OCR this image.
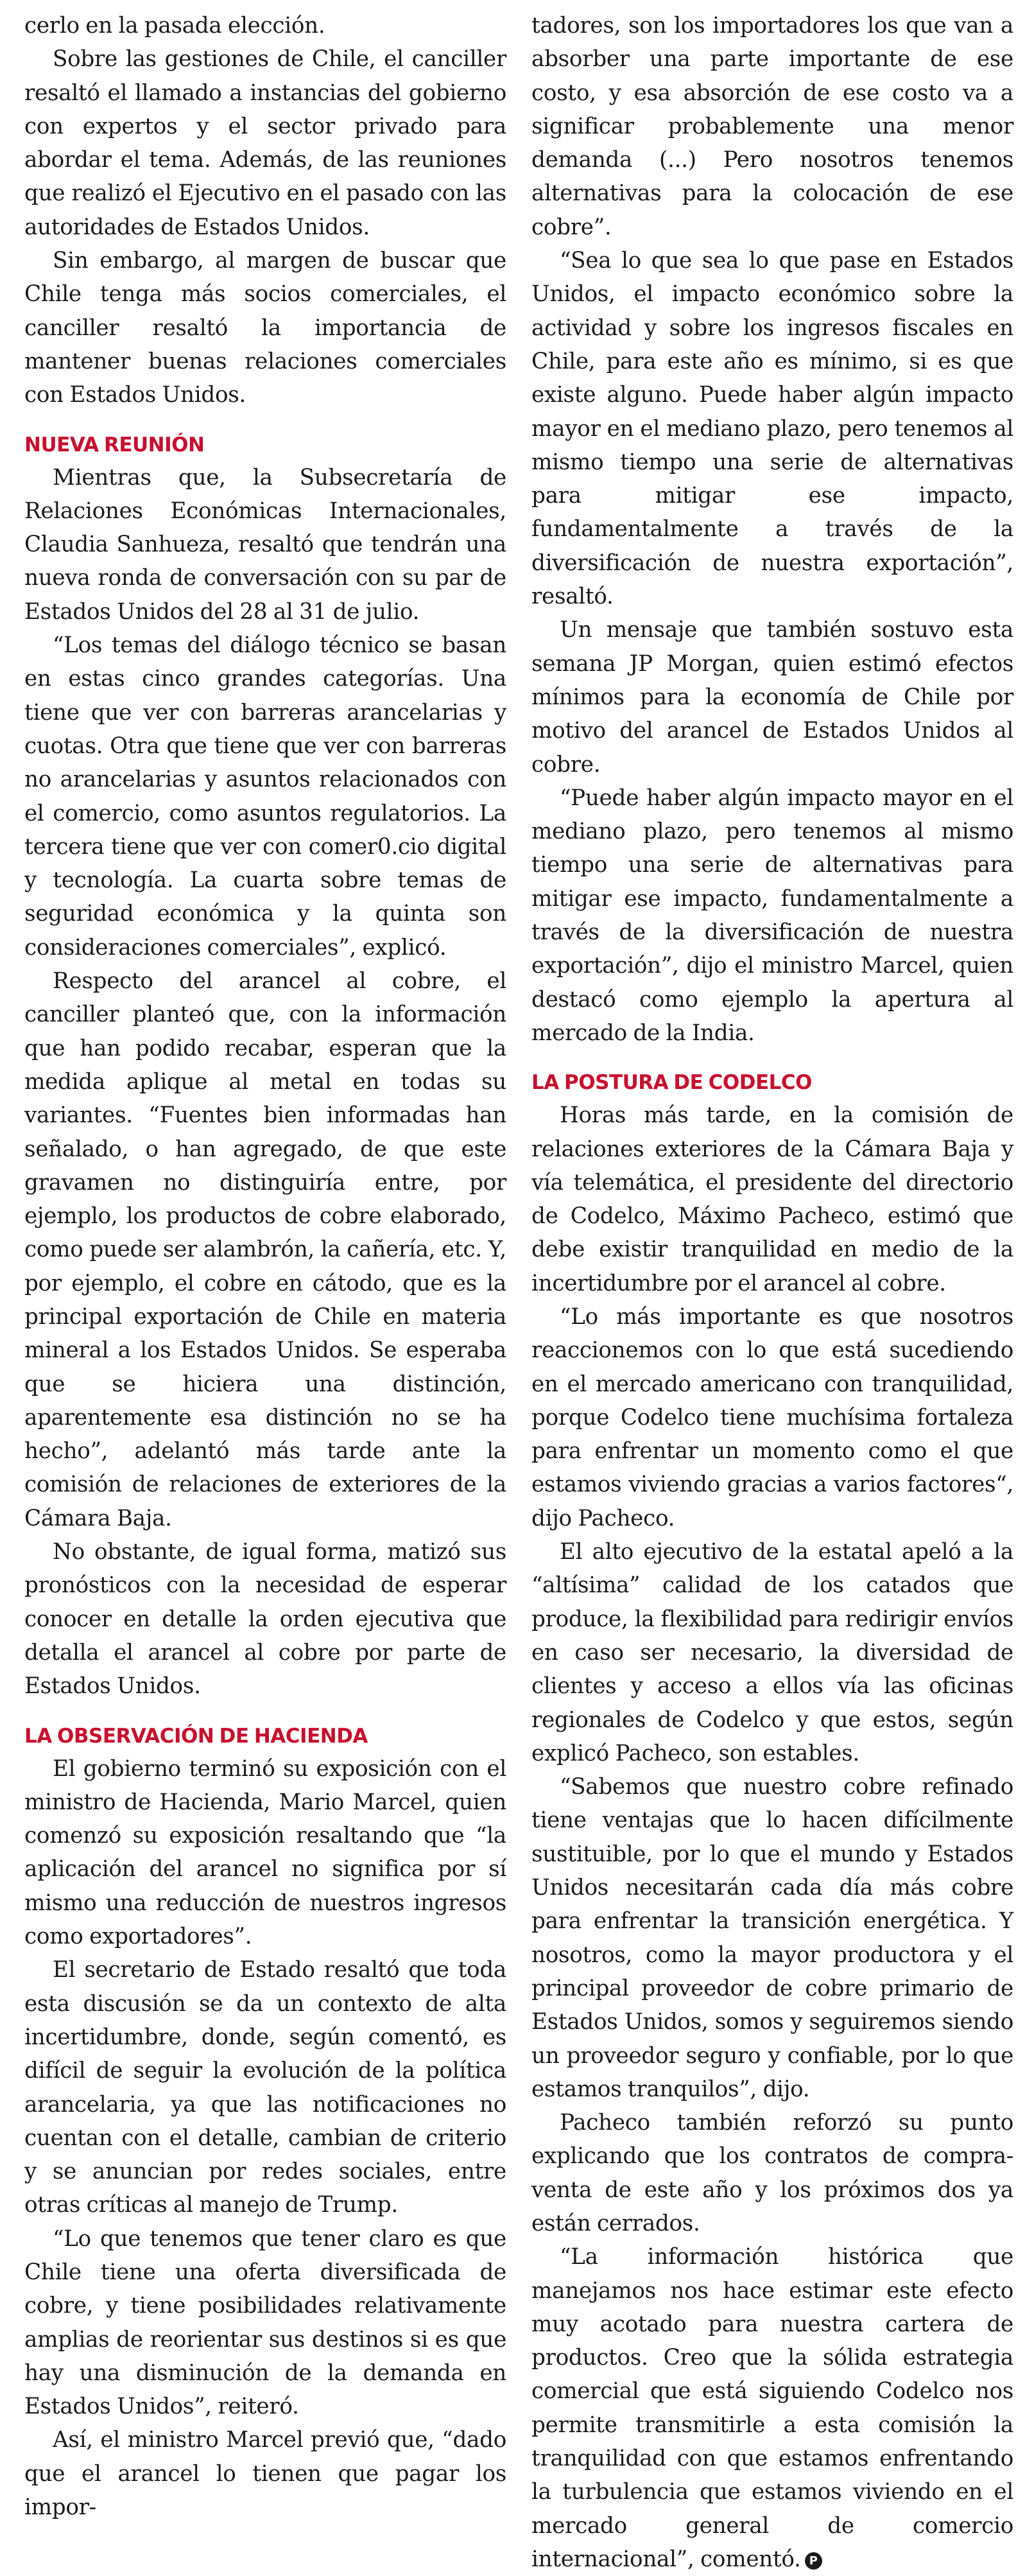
cerlo en la pasada elección.

Sobre las gestiones de Chile, el canciller resaltó el llamado a instancias del gobierno con expertos y el sector privado para abordar el tema. Además, de las reuniones que realizó el Ejecutivo en el pasado con las autoridades de Estados Unidos.

Sin embargo, al margen de buscar que Chile tenga más socios comerciales, el canciller resaltó la importancia de mantener buenas relaciones comerciales con Estados Unidos.

NUEVA REUNIÓN

Mientras que, la Subsecretaría de Relaciones Económicas Internacionales, Claudia Sanhueza, resaltó que tendrán una nueva ronda de conversación con su par de Estados Unidos del 28 al 31 de julio.

“Los temas del diálogo técnico se basan en estas cinco grandes categorías. Una tiene que ver con barreras arancelarias y cuotas. Otra que tiene que ver con barreras no arancelarias y asuntos relacionados con el comercio, como asuntos regulatorios. La tercera tiene que ver con comer0.cio digital y tecnología. La cuarta sobre temas de seguridad económica y la quinta son consideraciones comerciales”, explicó.

Respecto del arancel al cobre, el canciller planteó que, con la información que han podido recabar, esperan que la medida aplique al metal en todas su variantes. “Fuentes bien informadas han señalado, o han agregado, de que este gravamen no distinguiría entre, por ejemplo, los productos de cobre elaborado, como puede ser alambrón, la cañería, etc. Y, por ejemplo, el cobre en cátodo, que es la principal exportación de Chile en materia mineral a los Estados Unidos. Se esperaba que se hiciera una distinción, aparentemente esa distinción no se ha hecho”, adelantó más tarde ante la comisión de relaciones de exteriores de la Cámara Baja.

No obstante, de igual forma, matizó sus pronósticos con la necesidad de esperar conocer en detalle la orden ejecutiva que detalla el arancel al cobre por parte de Estados Unidos.

LA OBSERVACIÓN DE HACIENDA

El gobierno terminó su exposición con el ministro de Hacienda, Mario Marcel, quien comenzó su exposición resaltando que “la aplicación del arancel no significa por sí mismo una reducción de nuestros ingresos como exportadores”.

El secretario de Estado resaltó que toda esta discusión se da un contexto de alta incertidumbre, donde, según comentó, es difícil de seguir la evolución de la política arancelaria, ya que las notificaciones no cuentan con el detalle, cambian de criterio y se anuncian por redes sociales, entre otras críticas al manejo de Trump.

“Lo que tenemos que tener claro es que Chile tiene una oferta diversificada de cobre, y tiene posibilidades relativamente amplias de reorientar sus destinos si es que hay una disminución de la demanda en Estados Unidos”, reiteró.

Así, el ministro Marcel previó que, “dado que el arancel lo tienen que pagar los impor-

tadores, son los importadores los que van a absorber una parte importante de ese costo, y esa absorción de ese costo va a significar probablemente una menor demanda (...) Pero nosotros tenemos alternativas para la colocación de ese cobre”.

“Sea lo que sea lo que pase en Estados Unidos, el impacto económico sobre la actividad y sobre los ingresos fiscales en Chile, para este año es mínimo, si es que existe alguno. Puede haber algún impacto mayor en el mediano plazo, pero tenemos al mismo tiempo una serie de alternativas para mitigar ese impacto, fundamentalmente a través de la diversificación de nuestra exportación”, resaltó.

Un mensaje que también sostuvo esta semana JP Morgan, quien estimó efectos mínimos para la economía de Chile por motivo del arancel de Estados Unidos al cobre.

“Puede haber algún impacto mayor en el mediano plazo, pero tenemos al mismo tiempo una serie de alternativas para mitigar ese impacto, fundamentalmente a través de la diversificación de nuestra exportación”, dijo el ministro Marcel, quien destacó como ejemplo la apertura al mercado de la India.

LA POSTURA DE CODELCO

Horas más tarde, en la comisión de relaciones exteriores de la Cámara Baja y vía telemática, el presidente del directorio de Codelco, Máximo Pacheco, estimó que debe existir tranquilidad en medio de la incertidumbre por el arancel al cobre.

“Lo más importante es que nosotros reaccionemos con lo que está sucediendo en el mercado americano con tranquilidad, porque Codelco tiene muchísima fortaleza para enfrentar un momento como el que estamos viviendo gracias a varios factores“, dijo Pacheco.

El alto ejecutivo de la estatal apeló a la “altísima” calidad de los catados que produce, la flexibilidad para redirigir envíos en caso ser necesario, la diversidad de clientes y acceso a ellos vía las oficinas regionales de Codelco y que estos, según explicó Pacheco, son estables.

“Sabemos que nuestro cobre refinado tiene ventajas que lo hacen difícilmente sustituible, por lo que el mundo y Estados Unidos necesitarán cada día más cobre para enfrentar la transición energética. Y nosotros, como la mayor productora y el principal proveedor de cobre primario de Estados Unidos, somos y seguiremos siendo un proveedor seguro y confiable, por lo que estamos tranquilos”, dijo.

Pacheco también reforzó su punto explicando que los contratos de compra-venta de este año y los próximos dos ya están cerrados.

“La información histórica que manejamos nos hace estimar este efecto muy acotado para nuestra cartera de productos. Creo que la sólida estrategia comercial que está siguiendo Codelco nos permite transmitirle a esta comisión la tranquilidad con que estamos enfrentando la turbulencia que estamos viviendo en el mercado general de comercio internacional”, comentó. P
